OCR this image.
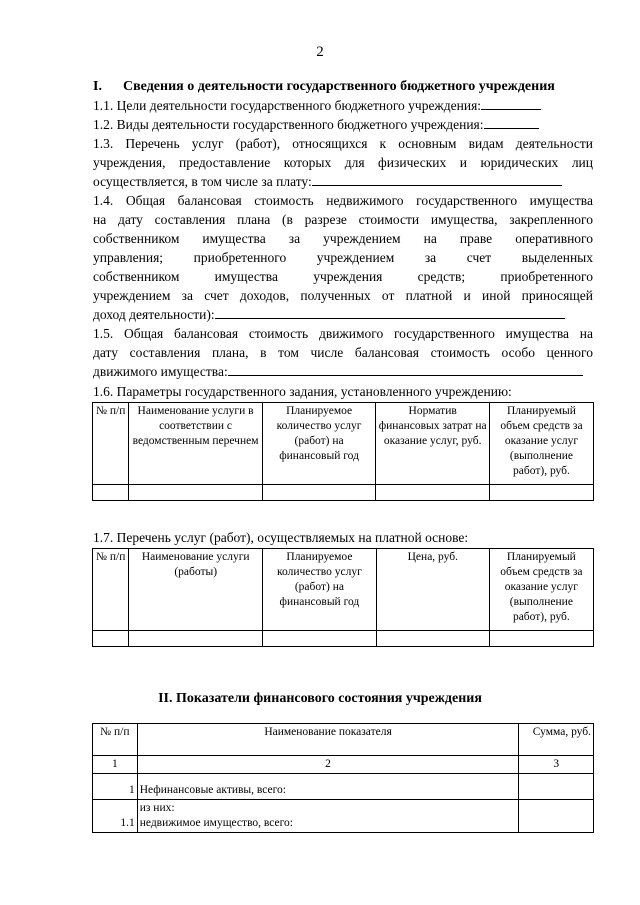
2
I. Сведения о деятельности государственного бюджетного учреждения
1.1. Цели деятельности государственного бюджетного учреждения:
1.2. Виды деятельности государственного бюджетного учреждения:
1.3. Перечень услуг (работ), относящихся к основным видам деятельности
учреждения, предоставление которых для физических и юридических лиц
осуществляется, в том числе за плату:
1.4. Общая балансовая стоимость недвижимого государственного имущества
на дату составления плана (в разрезе стоимости имущества, закрепленного
собственником имущества за учреждением на праве оперативного
управления; приобретенного учреждением за счет выделенных
собственником имущества учреждения средств; приобретенного
учреждением за счет доходов, полученных от платной и иной приносящей
доход деятельности):
1.5. Общая балансовая стоимость движимого государственного имущества на
дату составления плана, в том числе балансовая стоимость особо ценного
движимого имущества:
1.6. Параметры государственного задания, установленного учреждению:
№ п/п	Наименование услуги в соответствии с ведомственным перечнем	Планируемое количество услуг (работ) на финансовый год	Норматив финансовых затрат на оказание услуг, руб.	Планируемый объем средств за оказание услуг (выполнение работ), руб.

1.7. Перечень услуг (работ), осуществляемых на платной основе:
№ п/п	Наименование услуги (работы)	Планируемое количество услуг (работ) на финансовый год	Цена, руб.	Планируемый объем средств за оказание услуг (выполнение работ), руб.

II. Показатели финансового состояния учреждения
№ п/п	Наименование показателя	Сумма, руб.
1	2	3
1	Нефинансовые активы, всего:	
1.1	из них:
недвижимое имущество, всего:	
